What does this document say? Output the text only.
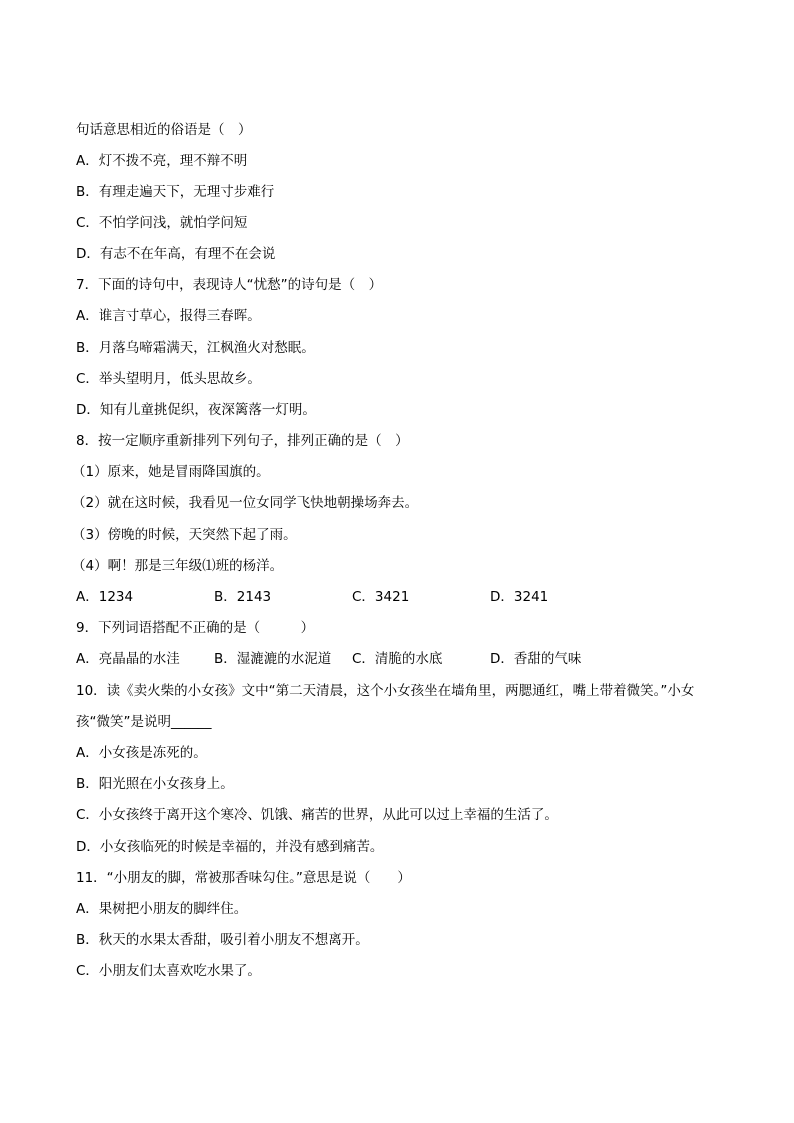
句话意思相近的俗语是（　）
A．灯不拨不亮，理不辩不明
B．有理走遍天下，无理寸步难行
C．不怕学问浅，就怕学问短
D．有志不在年高，有理不在会说
7．下面的诗句中，表现诗人“忧愁”的诗句是（　）
A．谁言寸草心，报得三春晖。
B．月落乌啼霜满天，江枫渔火对愁眠。
C．举头望明月，低头思故乡。
D．知有儿童挑促织，夜深篱落一灯明。
8．按一定顺序重新排列下列句子，排列正确的是（　）
（1）原来，她是冒雨降国旗的。
（2）就在这时候，我看见一位女同学飞快地朝操场奔去。
（3）傍晚的时候，天突然下起了雨。
（4）啊！那是三年级⑴班的杨洋。
A．1234	B．2143	C．3421	D．3241
9．下列词语搭配不正确的是（　　　）
A．亮晶晶的水洼	B．湿漉漉的水泥道 C．清脆的水底	D．香甜的气味
10．读《卖火柴的小女孩》文中“第二天清晨，这个小女孩坐在墙角里，两腮通红，嘴上带着微笑。”小女
孩“微笑”是说明______
A．小女孩是冻死的。
B．阳光照在小女孩身上。
C．小女孩终于离开这个寒冷、饥饿、痛苦的世界，从此可以过上幸福的生活了。
D．小女孩临死的时候是幸福的，并没有感到痛苦。
11．“小朋友的脚，常被那香味勾住。”意思是说（　　）
A．果树把小朋友的脚绊住。
B．秋天的水果太香甜，吸引着小朋友不想离开。
C．小朋友们太喜欢吃水果了。
